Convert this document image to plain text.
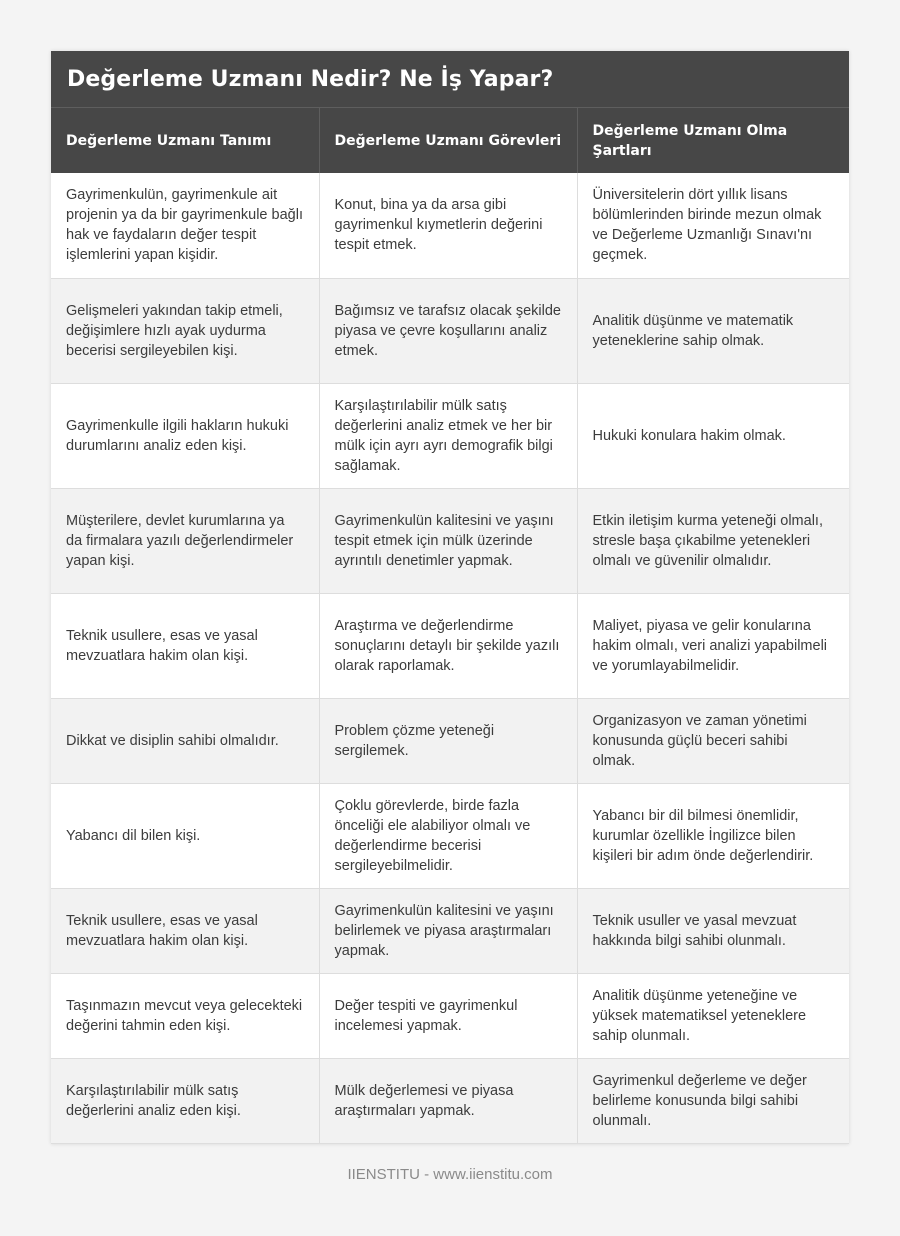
Değerleme Uzmanı Nedir? Ne İş Yapar?
Değerleme Uzmanı Tanımı	Değerleme Uzmanı Görevleri	Değerleme Uzmanı Olma Şartları
Gayrimenkulün, gayrimenkule ait projenin ya da bir gayrimenkule bağlı hak ve faydaların değer tespit işlemlerini yapan kişidir.	Konut, bina ya da arsa gibi gayrimenkul kıymetlerin değerini tespit etmek.	Üniversitelerin dört yıllık lisans bölümlerinden birinde mezun olmak ve Değerleme Uzmanlığı Sınavı'nı geçmek.
Gelişmeleri yakından takip etmeli, değişimlere hızlı ayak uydurma becerisi sergileyebilen kişi.	Bağımsız ve tarafsız olacak şekilde piyasa ve çevre koşullarını analiz etmek.	Analitik düşünme ve matematik yeteneklerine sahip olmak.
Gayrimenkulle ilgili hakların hukuki durumlarını analiz eden kişi.	Karşılaştırılabilir mülk satış değerlerini analiz etmek ve her bir mülk için ayrı ayrı demografik bilgi sağlamak.	Hukuki konulara hakim olmak.
Müşterilere, devlet kurumlarına ya da firmalara yazılı değerlendirmeler yapan kişi.	Gayrimenkulün kalitesini ve yaşını tespit etmek için mülk üzerinde ayrıntılı denetimler yapmak.	Etkin iletişim kurma yeteneği olmalı, stresle başa çıkabilme yetenekleri olmalı ve güvenilir olmalıdır.
Teknik usullere, esas ve yasal mevzuatlara hakim olan kişi.	Araştırma ve değerlendirme sonuçlarını detaylı bir şekilde yazılı olarak raporlamak.	Maliyet, piyasa ve gelir konularına hakim olmalı, veri analizi yapabilmeli ve yorumlayabilmelidir.
Dikkat ve disiplin sahibi olmalıdır.	Problem çözme yeteneği sergilemek.	Organizasyon ve zaman yönetimi konusunda güçlü beceri sahibi olmak.
Yabancı dil bilen kişi.	Çoklu görevlerde, birde fazla önceliği ele alabiliyor olmalı ve değerlendirme becerisi sergileyebilmelidir.	Yabancı bir dil bilmesi önemlidir, kurumlar özellikle İngilizce bilen kişileri bir adım önde değerlendirir.
Teknik usullere, esas ve yasal mevzuatlara hakim olan kişi.	Gayrimenkulün kalitesini ve yaşını belirlemek ve piyasa araştırmaları yapmak.	Teknik usuller ve yasal mevzuat hakkında bilgi sahibi olunmalı.
Taşınmazın mevcut veya gelecekteki değerini tahmin eden kişi.	Değer tespiti ve gayrimenkul incelemesi yapmak.	Analitik düşünme yeteneğine ve yüksek matematiksel yeteneklere sahip olunmalı.
Karşılaştırılabilir mülk satış değerlerini analiz eden kişi.	Mülk değerlemesi ve piyasa araştırmaları yapmak.	Gayrimenkul değerleme ve değer belirleme konusunda bilgi sahibi olunmalı.
IIENSTITU - www.iienstitu.com
